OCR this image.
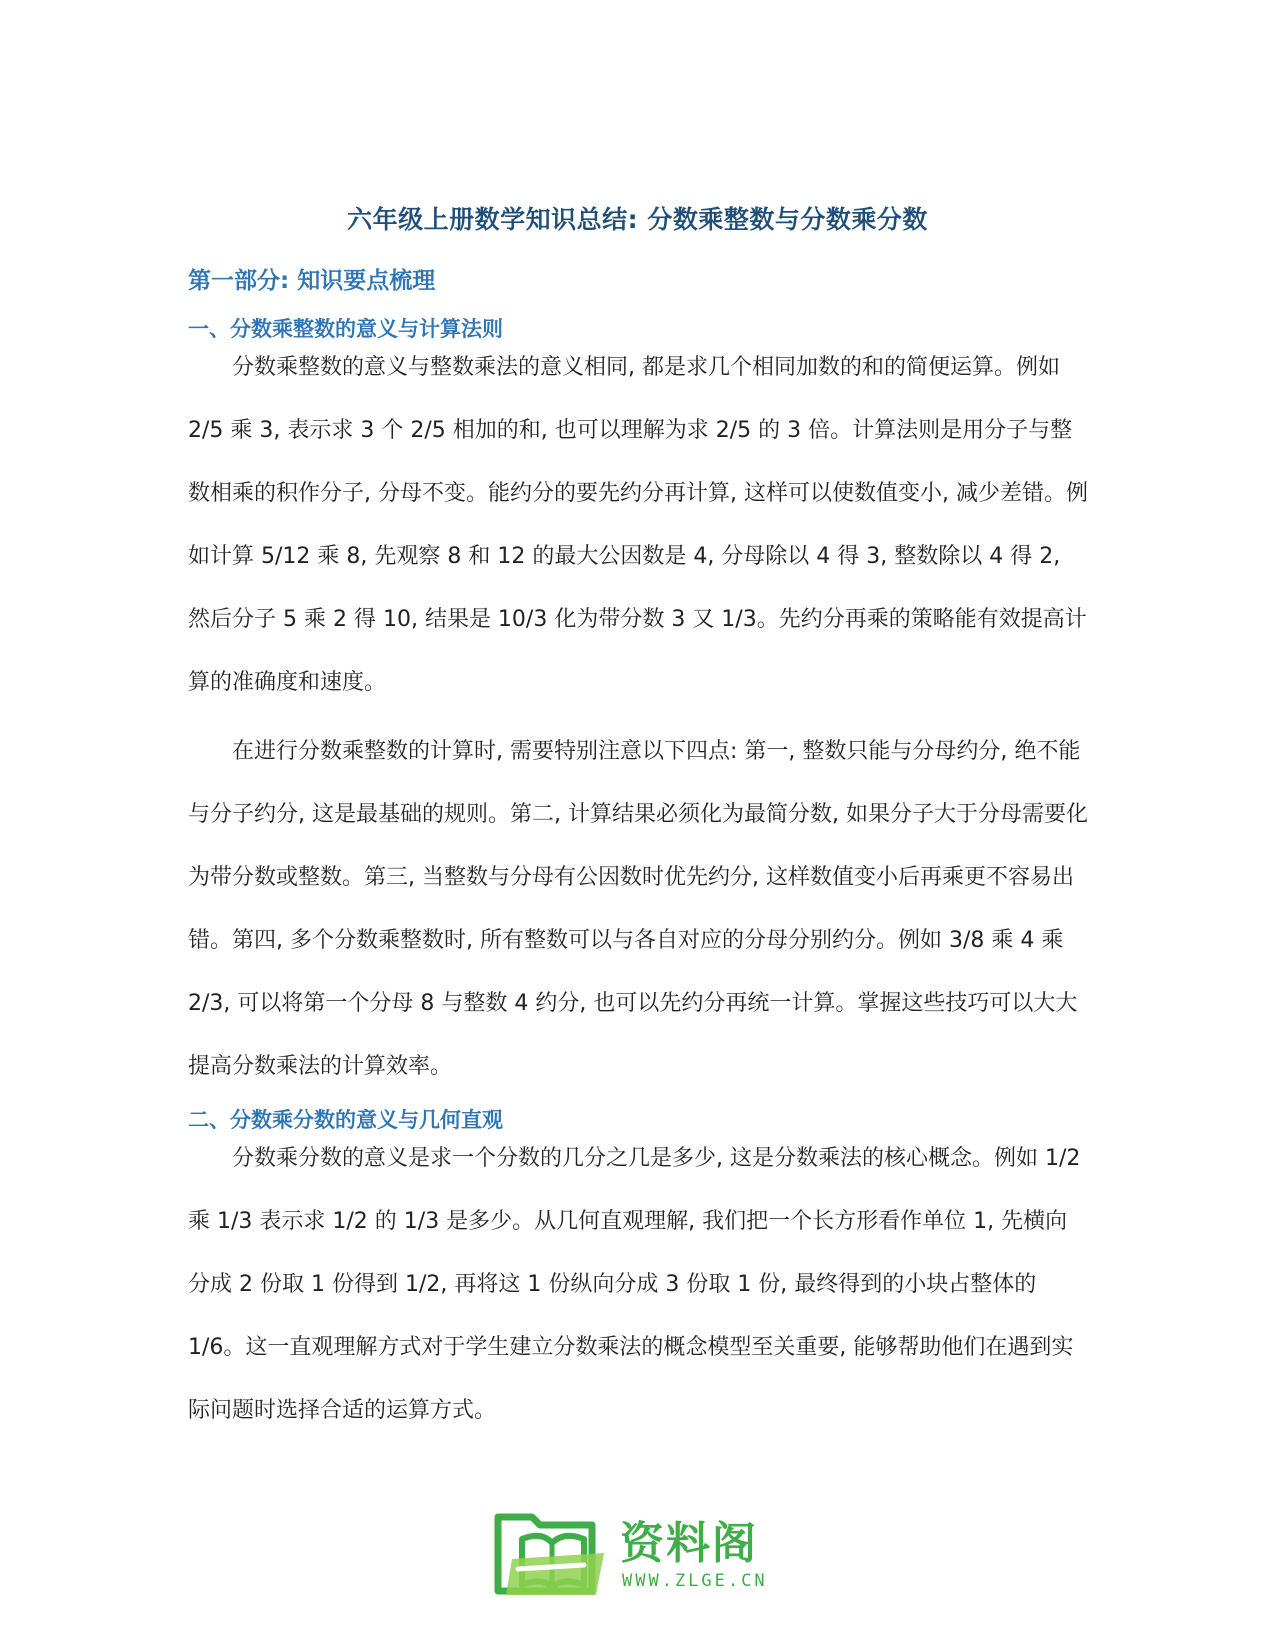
六年级上册数学知识总结: 分数乘整数与分数乘分数
第一部分: 知识要点梳理
一、分数乘整数的意义与计算法则

分数乘整数的意义与整数乘法的意义相同, 都是求几个相同加数的和的简便运算。例如 2/5 乘 3, 表示求 3 个 2/5 相加的和, 也可以理解为求 2/5 的 3 倍。计算法则是用分子与整数相乘的积作分子, 分母不变。能约分的要先约分再计算, 这样可以使数值变小, 减少差错。例如计算 5/12 乘 8, 先观察 8 和 12 的最大公因数是 4, 分母除以 4 得 3, 整数除以 4 得 2, 然后分子 5 乘 2 得 10, 结果是 10/3 化为带分数 3 又 1/3。先约分再乘的策略能有效提高计算的准确度和速度。

在进行分数乘整数的计算时, 需要特别注意以下四点: 第一, 整数只能与分母约分, 绝不能与分子约分, 这是最基础的规则。第二, 计算结果必须化为最简分数, 如果分子大于分母需要化为带分数或整数。第三, 当整数与分母有公因数时优先约分, 这样数值变小后再乘更不容易出错。第四, 多个分数乘整数时, 所有整数可以与各自对应的分母分别约分。例如 3/8 乘 4 乘 2/3, 可以将第一个分母 8 与整数 4 约分, 也可以先约分再统一计算。掌握这些技巧可以大大提高分数乘法的计算效率。

二、分数乘分数的意义与几何直观

分数乘分数的意义是求一个分数的几分之几是多少, 这是分数乘法的核心概念。例如 1/2 乘 1/3 表示求 1/2 的 1/3 是多少。从几何直观理解, 我们把一个长方形看作单位 1, 先横向分成 2 份取 1 份得到 1/2, 再将这 1 份纵向分成 3 份取 1 份, 最终得到的小块占整体的 1/6。这一直观理解方式对于学生建立分数乘法的概念模型至关重要, 能够帮助他们在遇到实际问题时选择合适的运算方式。

资料阁
WWW.ZLGE.CN
